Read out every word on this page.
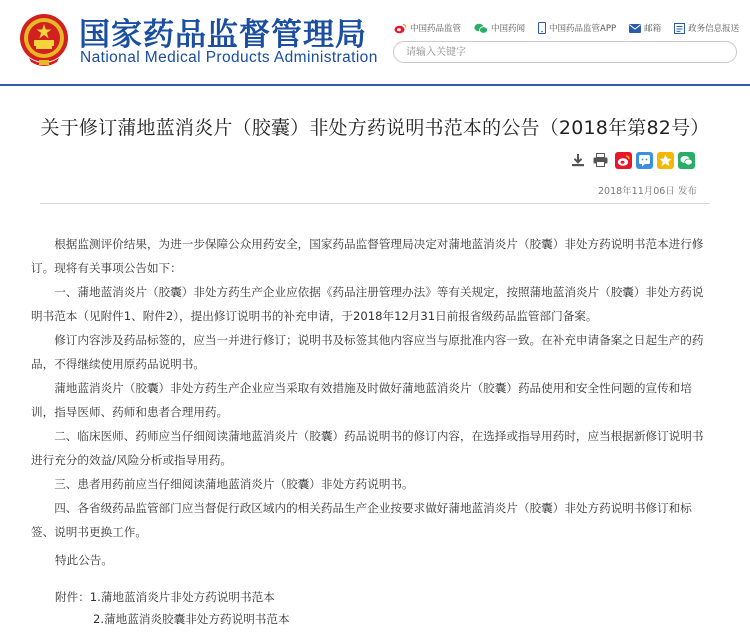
国家药品监督管理局
National Medical Products Administration
中国药品监管	中国药闻	中国药品监管APP	邮箱	政务信息报送
请输入关键字
关于修订蒲地蓝消炎片（胶囊）非处方药说明书范本的公告（2018年第82号）
2018年11月06日 发布

根据监测评价结果，为进一步保障公众用药安全，国家药品监督管理局决定对蒲地蓝消炎片（胶囊）非处方药说明书范本进行修订。现将有关事项公告如下：

一、蒲地蓝消炎片（胶囊）非处方药生产企业应依据《药品注册管理办法》等有关规定，按照蒲地蓝消炎片（胶囊）非处方药说明书范本（见附件1、附件2），提出修订说明书的补充申请，于2018年12月31日前报省级药品监管部门备案。

修订内容涉及药品标签的，应当一并进行修订；说明书及标签其他内容应当与原批准内容一致。在补充申请备案之日起生产的药品，不得继续使用原药品说明书。

蒲地蓝消炎片（胶囊）非处方药生产企业应当采取有效措施及时做好蒲地蓝消炎片（胶囊）药品使用和安全性问题的宣传和培训，指导医师、药师和患者合理用药。

二、临床医师、药师应当仔细阅读蒲地蓝消炎片（胶囊）药品说明书的修订内容，在选择或指导用药时，应当根据新修订说明书进行充分的效益/风险分析或指导用药。

三、患者用药前应当仔细阅读蒲地蓝消炎片（胶囊）非处方药说明书。

四、各省级药品监管部门应当督促行政区域内的相关药品生产企业按要求做好蒲地蓝消炎片（胶囊）非处方药说明书修订和标签、说明书更换工作。

特此公告。
附件：1.蒲地蓝消炎片非处方药说明书范本
2.蒲地蓝消炎胶囊非处方药说明书范本
